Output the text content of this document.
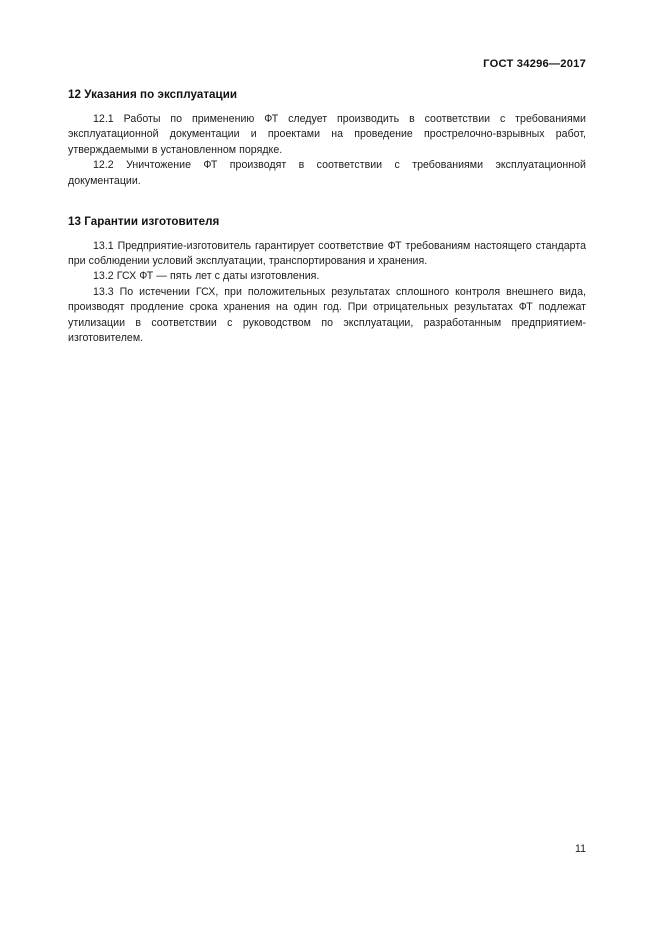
ГОСТ 34296—2017
12 Указания по эксплуатации

12.1 Работы по применению ФТ следует производить в соответствии с требованиями эксплуатационной документации и проектами на проведение прострелочно-взрывных работ, утверждаемыми в установленном порядке.

12.2 Уничтожение ФТ производят в соответствии с требованиями эксплуатационной документации.

13 Гарантии изготовителя

13.1 Предприятие-изготовитель гарантирует соответствие ФТ требованиям настоящего стандарта при соблюдении условий эксплуатации, транспортирования и хранения.

13.2 ГСХ ФТ — пять лет с даты изготовления.

13.3 По истечении ГСХ, при положительных результатах сплошного контроля внешнего вида, производят продление срока хранения на один год. При отрицательных результатах ФТ подлежат утилизации в соответствии с руководством по эксплуатации, разработанным предприятием-изготовителем.

11
